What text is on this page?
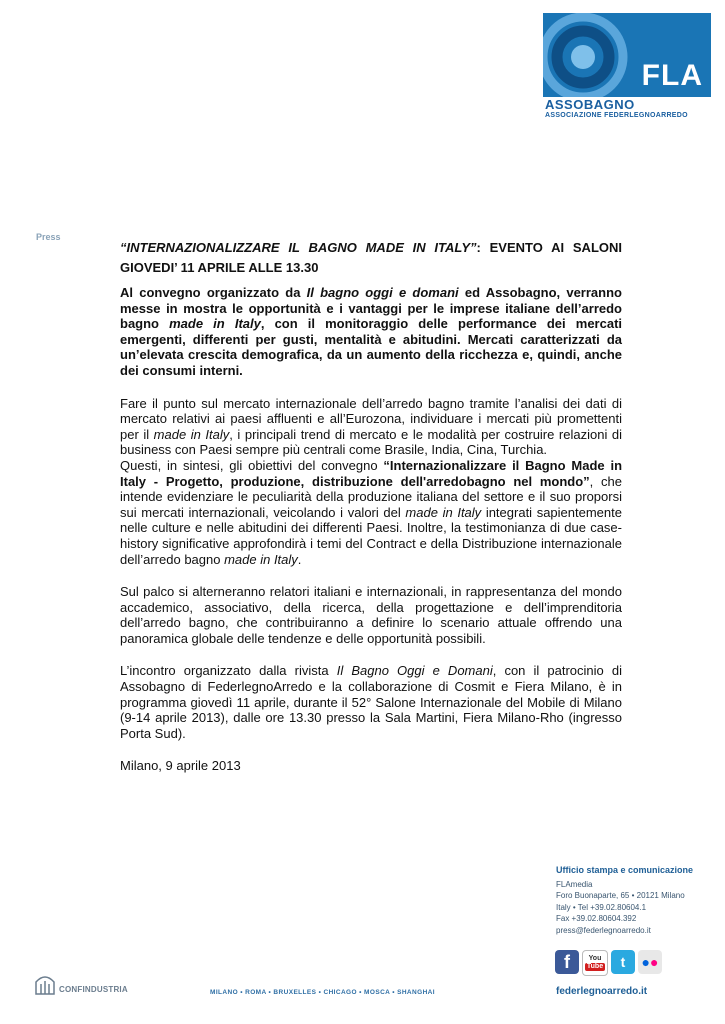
FLA
ASSOBAGNO
ASSOCIAZIONE FEDERLEGNOARREDO
Press
“INTERNAZIONALIZZARE IL BAGNO MADE IN ITALY”: EVENTO AI SALONI GIOVEDI’ 11 APRILE ALLE 13.30
Al convegno organizzato da Il bagno oggi e domani ed Assobagno, verranno messe in mostra le opportunità e i vantaggi per le imprese italiane dell’arredo bagno made in Italy, con il monitoraggio delle performance dei mercati emergenti, differenti per gusti, mentalità e abitudini. Mercati caratterizzati da un’elevata crescita demografica, da un aumento della ricchezza e, quindi, anche dei consumi interni.

Fare il punto sul mercato internazionale dell’arredo bagno tramite l’analisi dei dati di mercato relativi ai paesi affluenti e all’Eurozona, individuare i mercati più promettenti per il made in Italy, i principali trend di mercato e le modalità per costruire relazioni di business con Paesi sempre più centrali come Brasile, India, Cina, Turchia.

Questi, in sintesi, gli obiettivi del convegno “Internazionalizzare il Bagno Made in Italy - Progetto, produzione, distribuzione dell'arredobagno nel mondo”, che intende evidenziare le peculiarità della produzione italiana del settore e il suo proporsi sui mercati internazionali, veicolando i valori del made in Italy integrati sapientemente nelle culture e nelle abitudini dei differenti Paesi. Inoltre, la testimonianza di due case-history significative approfondirà i temi del Contract e della Distribuzione internazionale dell’arredo bagno made in Italy.

Sul palco si alterneranno relatori italiani e internazionali, in rappresentanza del mondo accademico, associativo, della ricerca, della progettazione e dell’imprenditoria dell’arredo bagno, che contribuiranno a definire lo scenario attuale offrendo una panoramica globale delle tendenze e delle opportunità possibili.

L’incontro organizzato dalla rivista Il Bagno Oggi e Domani, con il patrocinio di Assobagno di FederlegnoArredo e la collaborazione di Cosmit e Fiera Milano, è in programma giovedì 11 aprile, durante il 52° Salone Internazionale del Mobile di Milano (9-14 aprile 2013), dalle ore 13.30 presso la Sala Martini, Fiera Milano-Rho (ingresso Porta Sud).

Milano, 9 aprile 2013

Ufficio stampa e comunicazione
FLAmedia
Foro Buonaparte, 65 • 20121 Milano
Italy • Tel +39.02.80604.1
Fax +39.02.80604.392
press@federlegnoarredo.it
f	You
Tube	t	● ●
federlegnoarredo.it
MILANO • ROMA • BRUXELLES • CHICAGO • MOSCA • SHANGHAI
CONFINDUSTRIA
